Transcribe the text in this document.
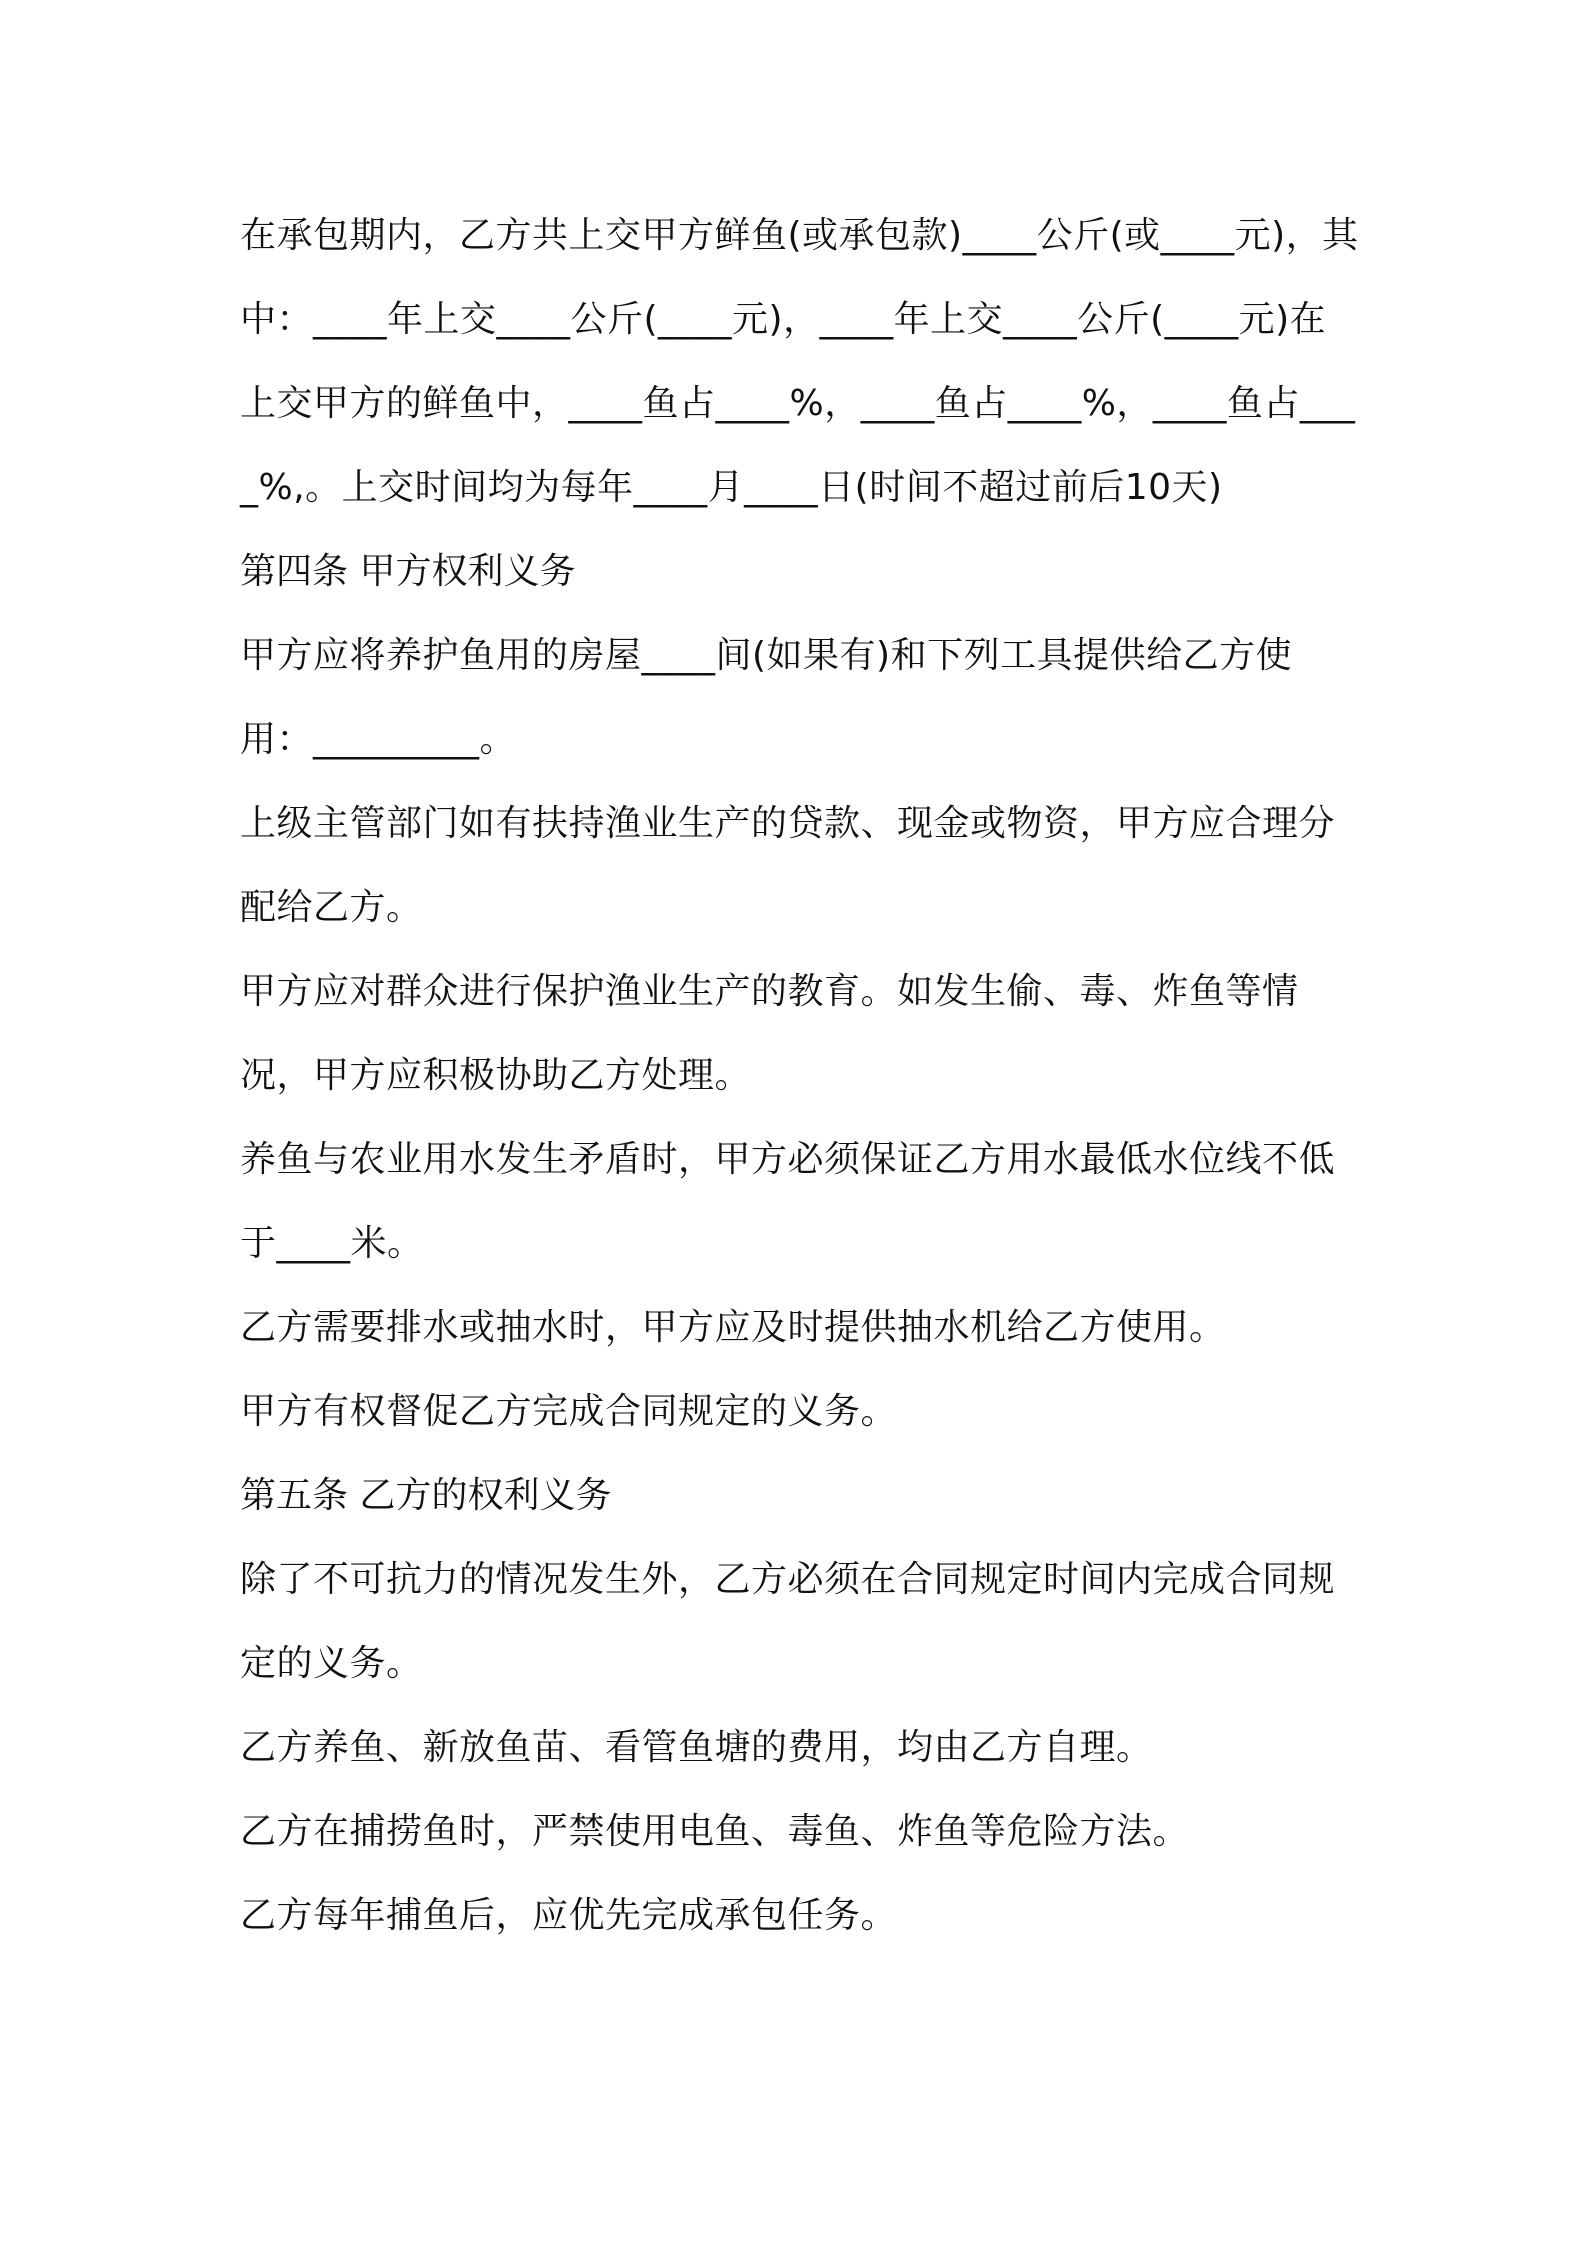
在承包期内，乙方共上交甲方鲜鱼(或承包款)____公斤(或____元)，其中：____年上交____公斤(____元)，____年上交____公斤(____元)在上交甲方的鲜鱼中，____鱼占____%，____鱼占____%，____鱼占____%,。上交时间均为每年____月____日(时间不超过前后10天)

第四条 甲方权利义务

甲方应将养护鱼用的房屋____间(如果有)和下列工具提供给乙方使用：_________。

上级主管部门如有扶持渔业生产的贷款、现金或物资，甲方应合理分配给乙方。

甲方应对群众进行保护渔业生产的教育。如发生偷、毒、炸鱼等情况，甲方应积极协助乙方处理。

养鱼与农业用水发生矛盾时，甲方必须保证乙方用水最低水位线不低于____米。

乙方需要排水或抽水时，甲方应及时提供抽水机给乙方使用。

甲方有权督促乙方完成合同规定的义务。

第五条 乙方的权利义务

除了不可抗力的情况发生外，乙方必须在合同规定时间内完成合同规定的义务。

乙方养鱼、新放鱼苗、看管鱼塘的费用，均由乙方自理。

乙方在捕捞鱼时，严禁使用电鱼、毒鱼、炸鱼等危险方法。

乙方每年捕鱼后，应优先完成承包任务。
